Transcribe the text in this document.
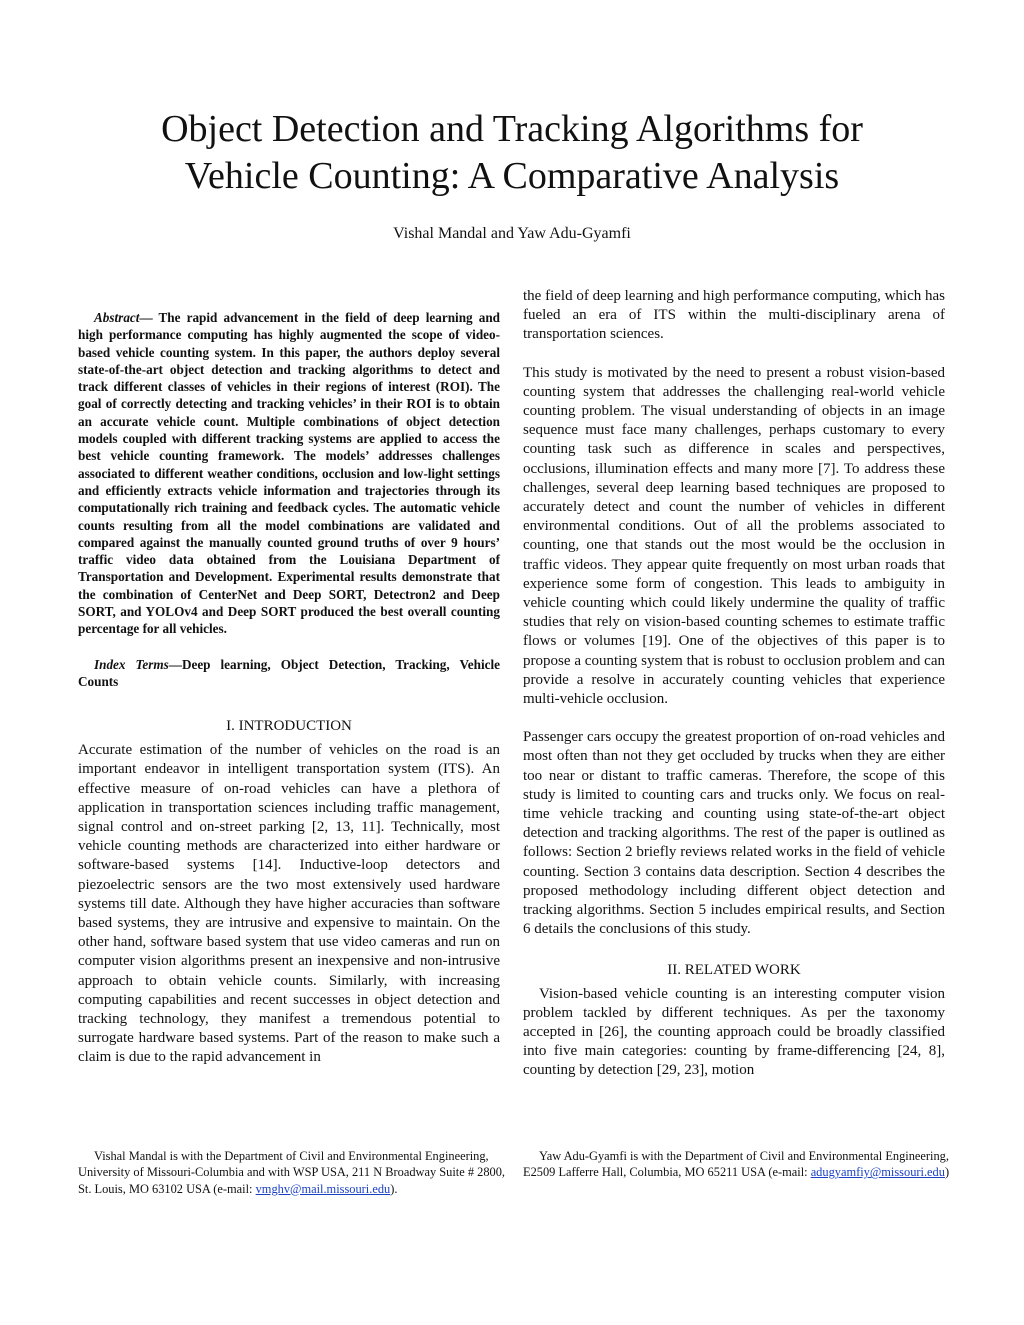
Object Detection and Tracking Algorithms for
Vehicle Counting: A Comparative Analysis
Vishal Mandal and Yaw Adu-Gyamfi

Abstract— The rapid advancement in the field of deep learning and high performance computing has highly augmented the scope of video-based vehicle counting system. In this paper, the authors deploy several state-of-the-art object detection and tracking algorithms to detect and track different classes of vehicles in their regions of interest (ROI). The goal of correctly detecting and tracking vehicles’ in their ROI is to obtain an accurate vehicle count. Multiple combinations of object detection models coupled with different tracking systems are applied to access the best vehicle counting framework. The models’ addresses challenges associated to different weather conditions, occlusion and low-light settings and efficiently extracts vehicle information and trajectories through its computationally rich training and feedback cycles. The automatic vehicle counts resulting from all the model combinations are validated and compared against the manually counted ground truths of over 9 hours’ traffic video data obtained from the Louisiana Department of Transportation and Development. Experimental results demonstrate that the combination of CenterNet and Deep SORT, Detectron2 and Deep SORT, and YOLOv4 and Deep SORT produced the best overall counting percentage for all vehicles.

Index Terms—Deep learning, Object Detection, Tracking, Vehicle Counts

I. INTRODUCTION

Accurate estimation of the number of vehicles on the road is an important endeavor in intelligent transportation system (ITS). An effective measure of on-road vehicles can have a plethora of application in transportation sciences including traffic management, signal control and on-street parking [2, 13, 11]. Technically, most vehicle counting methods are characterized into either hardware or software-based systems [14]. Inductive-loop detectors and piezoelectric sensors are the two most extensively used hardware systems till date. Although they have higher accuracies than software based systems, they are intrusive and expensive to maintain. On the other hand, software based system that use video cameras and run on computer vision algorithms present an inexpensive and non-intrusive approach to obtain vehicle counts. Similarly, with increasing computing capabilities and recent successes in object detection and tracking technology, they manifest a tremendous potential to surrogate hardware based systems. Part of the reason to make such a claim is due to the rapid advancement in

the field of deep learning and high performance computing, which has fueled an era of ITS within the multi-disciplinary arena of transportation sciences.

This study is motivated by the need to present a robust vision-based counting system that addresses the challenging real-world vehicle counting problem. The visual understanding of objects in an image sequence must face many challenges, perhaps customary to every counting task such as difference in scales and perspectives, occlusions, illumination effects and many more [7]. To address these challenges, several deep learning based techniques are proposed to accurately detect and count the number of vehicles in different environmental conditions. Out of all the problems associated to counting, one that stands out the most would be the occlusion in traffic videos. They appear quite frequently on most urban roads that experience some form of congestion. This leads to ambiguity in vehicle counting which could likely undermine the quality of traffic studies that rely on vision-based counting schemes to estimate traffic flows or volumes [19]. One of the objectives of this paper is to propose a counting system that is robust to occlusion problem and can provide a resolve in accurately counting vehicles that experience multi-vehicle occlusion.

Passenger cars occupy the greatest proportion of on-road vehicles and most often than not they get occluded by trucks when they are either too near or distant to traffic cameras. Therefore, the scope of this study is limited to counting cars and trucks only. We focus on real-time vehicle tracking and counting using state-of-the-art object detection and tracking algorithms. The rest of the paper is outlined as follows: Section 2 briefly reviews related works in the field of vehicle counting. Section 3 contains data description. Section 4 describes the proposed methodology including different object detection and tracking algorithms. Section 5 includes empirical results, and Section 6 details the conclusions of this study.

II. RELATED WORK

Vision-based vehicle counting is an interesting computer vision problem tackled by different techniques. As per the taxonomy accepted in [26], the counting approach could be broadly classified into five main categories: counting by frame-differencing [24, 8], counting by detection [29, 23], motion

Vishal Mandal is with the Department of Civil and Environmental Engineering, University of Missouri-Columbia and with WSP USA, 211 N Broadway Suite # 2800, St. Louis, MO 63102 USA (e-mail: vmghv@mail.missouri.edu).
Yaw Adu-Gyamfi is with the Department of Civil and Environmental Engineering, E2509 Lafferre Hall, Columbia, MO 65211 USA (e-mail: adugyamfiy@missouri.edu)
